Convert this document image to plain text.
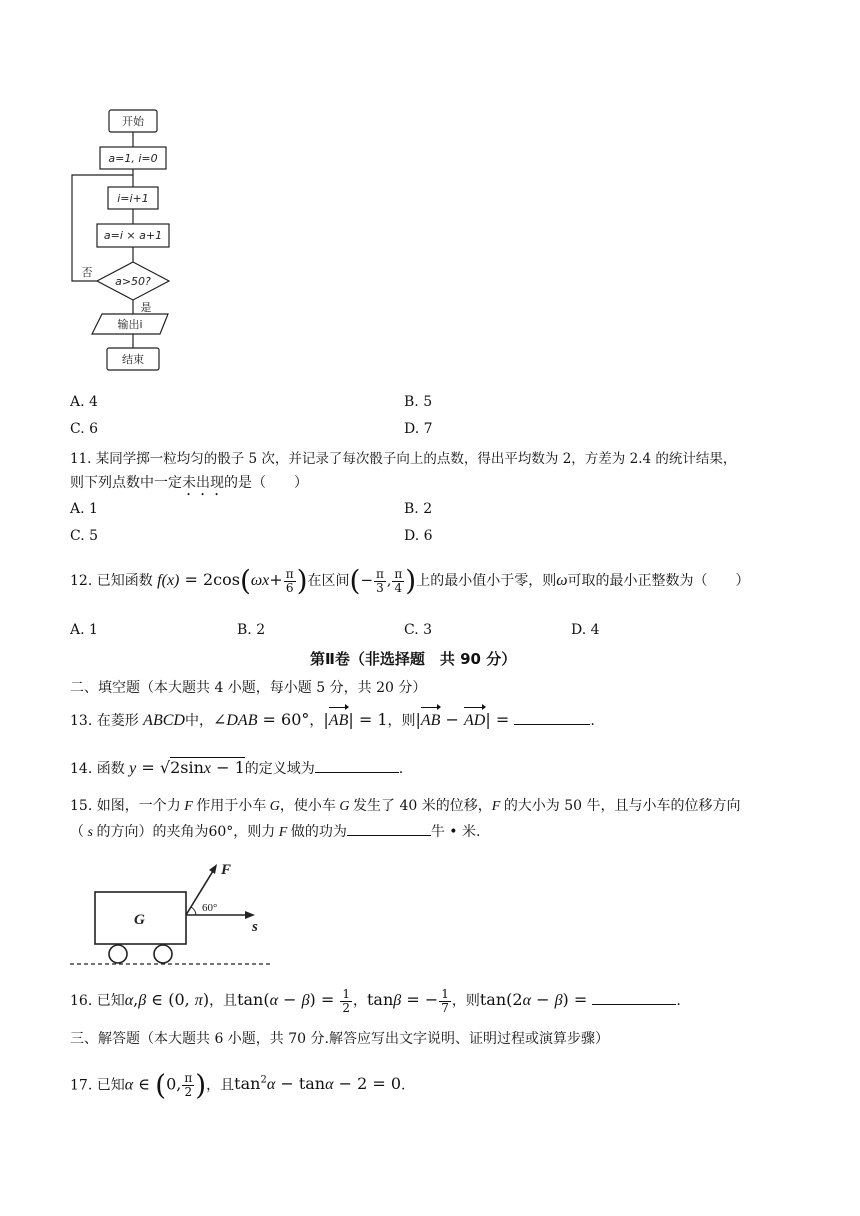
开始
a=1, i=0
i=i+1
a=i × a+1
a>50?
否
是
输出i
结束
A. 4	B. 5
C. 6	D. 7
11. 某同学掷一粒均匀的骰子 5 次，并记录了每次骰子向上的点数，得出平均数为 2，方差为 2.4 的统计结果，
则下列点数中一定未出现的是（　　）
A. 1	B. 2
C. 5	D. 6
12. 已知函数 $f(x) = 2\cos(\omega x+ \frac{\pi}{6}$ )在区间(− $\frac{\pi}{3}$ , $\frac{\pi}{4}$ )上的最小值小于零，则ω可取的最小正整数为（　　）
A. 1	B. 2	C. 3	D. 4
第Ⅱ卷（非选择题　共 90 分）
二、填空题（本大题共 4 小题，每小题 5 分，共 20 分）
13. 在菱形 ABCD中，∠DAB = 60°，|AB| = 1，则|AB − AD| =	.
14. 函数 y = √2sinx − 1的定义域为	.
15. 如图，一个力 F 作用于小车 G，使小车 G 发生了 40 米的位移，F 的大小为 50 牛，且与小车的位移方向
（ s 的方向）的夹角为60°，则力 F 做的功为	牛 • 米.
F
G	s
60°
16. 已知α,β ∈ (0, π)，且$\tan(\alpha - \beta) = \frac{1}{2}$ ，tanβ = − $\frac{1}{7}$ ，则tan(2α − β) =	.
三、解答题（本大题共 6 小题，共 70 分.解答应写出文字说明、证明过程或演算步骤）
17. 已知α ∈ (0, $\frac{\pi}{2}$ )，且$\tan^2\alpha - \tan\alpha - 2 = 0$.
